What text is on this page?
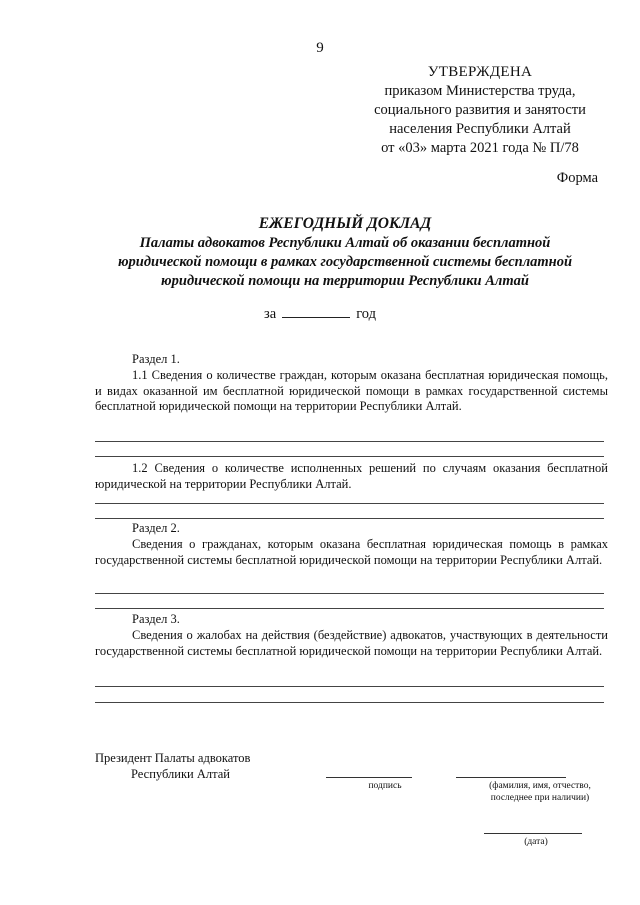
9
УТВЕРЖДЕНА
приказом Министерства труда,
социального развития и занятости
населения Республики Алтай
от «03» марта 2021 года № П/78
Форма
ЕЖЕГОДНЫЙ ДОКЛАД
Палаты адвокатов Республики Алтай об оказании бесплатной
юридической помощи в рамках государственной системы бесплатной
юридической помощи на территории Республики Алтай
за	год
Раздел 1.
1.1 Сведения о количестве граждан, которым оказана бесплатная юридическая помощь, и видах оказанной им бесплатной юридической помощи в рамках государственной системы бесплатной юридической помощи на территории Республики Алтай.
1.2 Сведения о количестве исполненных решений по случаям оказания бесплатной юридической на территории Республики Алтай.
Раздел 2.
Сведения о гражданах, которым оказана бесплатная юридическая помощь в рамках государственной системы бесплатной юридической помощи на территории Республики Алтай.
Раздел 3.
Сведения о жалобах на действия (бездействие) адвокатов, участвующих в деятельности государственной системы бесплатной юридической помощи на территории Республики Алтай.
Президент Палаты адвокатов
Республики Алтай
подпись	(фамилия, имя, отчество,
последнее при наличии)
(дата)
